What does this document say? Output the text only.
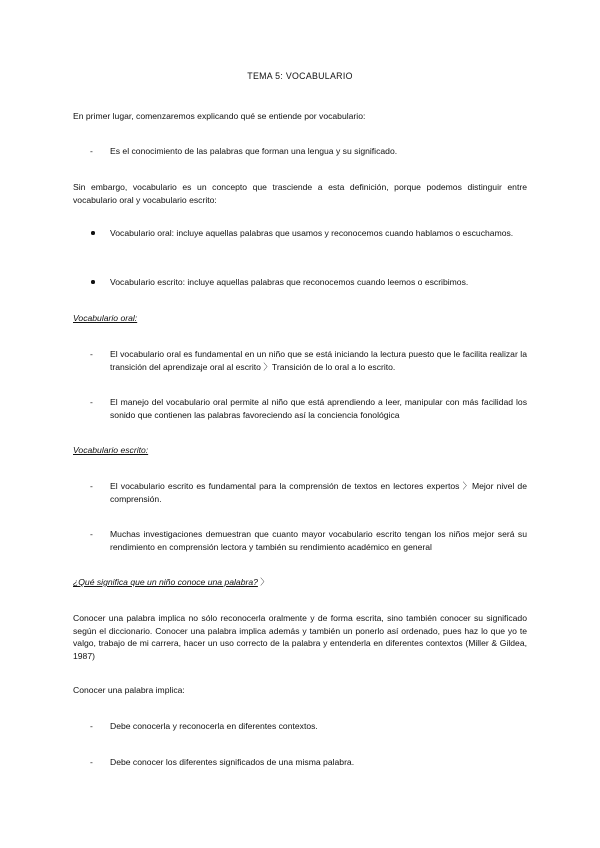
TEMA 5: VOCABULARIO

En primer lugar, comenzaremos explicando qué se entiende por vocabulario:

- Es el conocimiento de las palabras que forman una lengua y su significado.

Sin embargo, vocabulario es un concepto que trasciende a esta definición, porque podemos distinguir entre vocabulario oral y vocabulario escrito:

Vocabulario oral: incluye aquellas palabras que usamos y reconocemos cuando hablamos o escuchamos.

Vocabulario escrito: incluye aquellas palabras que reconocemos cuando leemos o escribimos.

Vocabulario oral:

- El vocabulario oral es fundamental en un niño que se está iniciando la lectura puesto que le facilita realizar la transición del aprendizaje oral al escrito 〉Transición de lo oral a lo escrito.

- El manejo del vocabulario oral permite al niño que está aprendiendo a leer, manipular con más facilidad los sonido que contienen las palabras favoreciendo así la conciencia fonológica

Vocabulario escrito:

- El vocabulario escrito es fundamental para la comprensión de textos en lectores expertos 〉Mejor nivel de comprensión.

- Muchas investigaciones demuestran que cuanto mayor vocabulario escrito tengan los niños mejor será su rendimiento en comprensión lectora y también su rendimiento académico en general

¿Qué significa que un niño conoce una palabra? 〉

Conocer una palabra implica no sólo reconocerla oralmente y de forma escrita, sino también conocer su significado según el diccionario. Conocer una palabra implica además y también un ponerlo así ordenado, pues haz lo que yo te valgo, trabajo de mi carrera, hacer un uso correcto de la palabra y entenderla en diferentes contextos (Miller & Gildea, 1987)

Conocer una palabra implica:

- Debe conocerla y reconocerla en diferentes contextos.

- Debe conocer los diferentes significados de una misma palabra.
